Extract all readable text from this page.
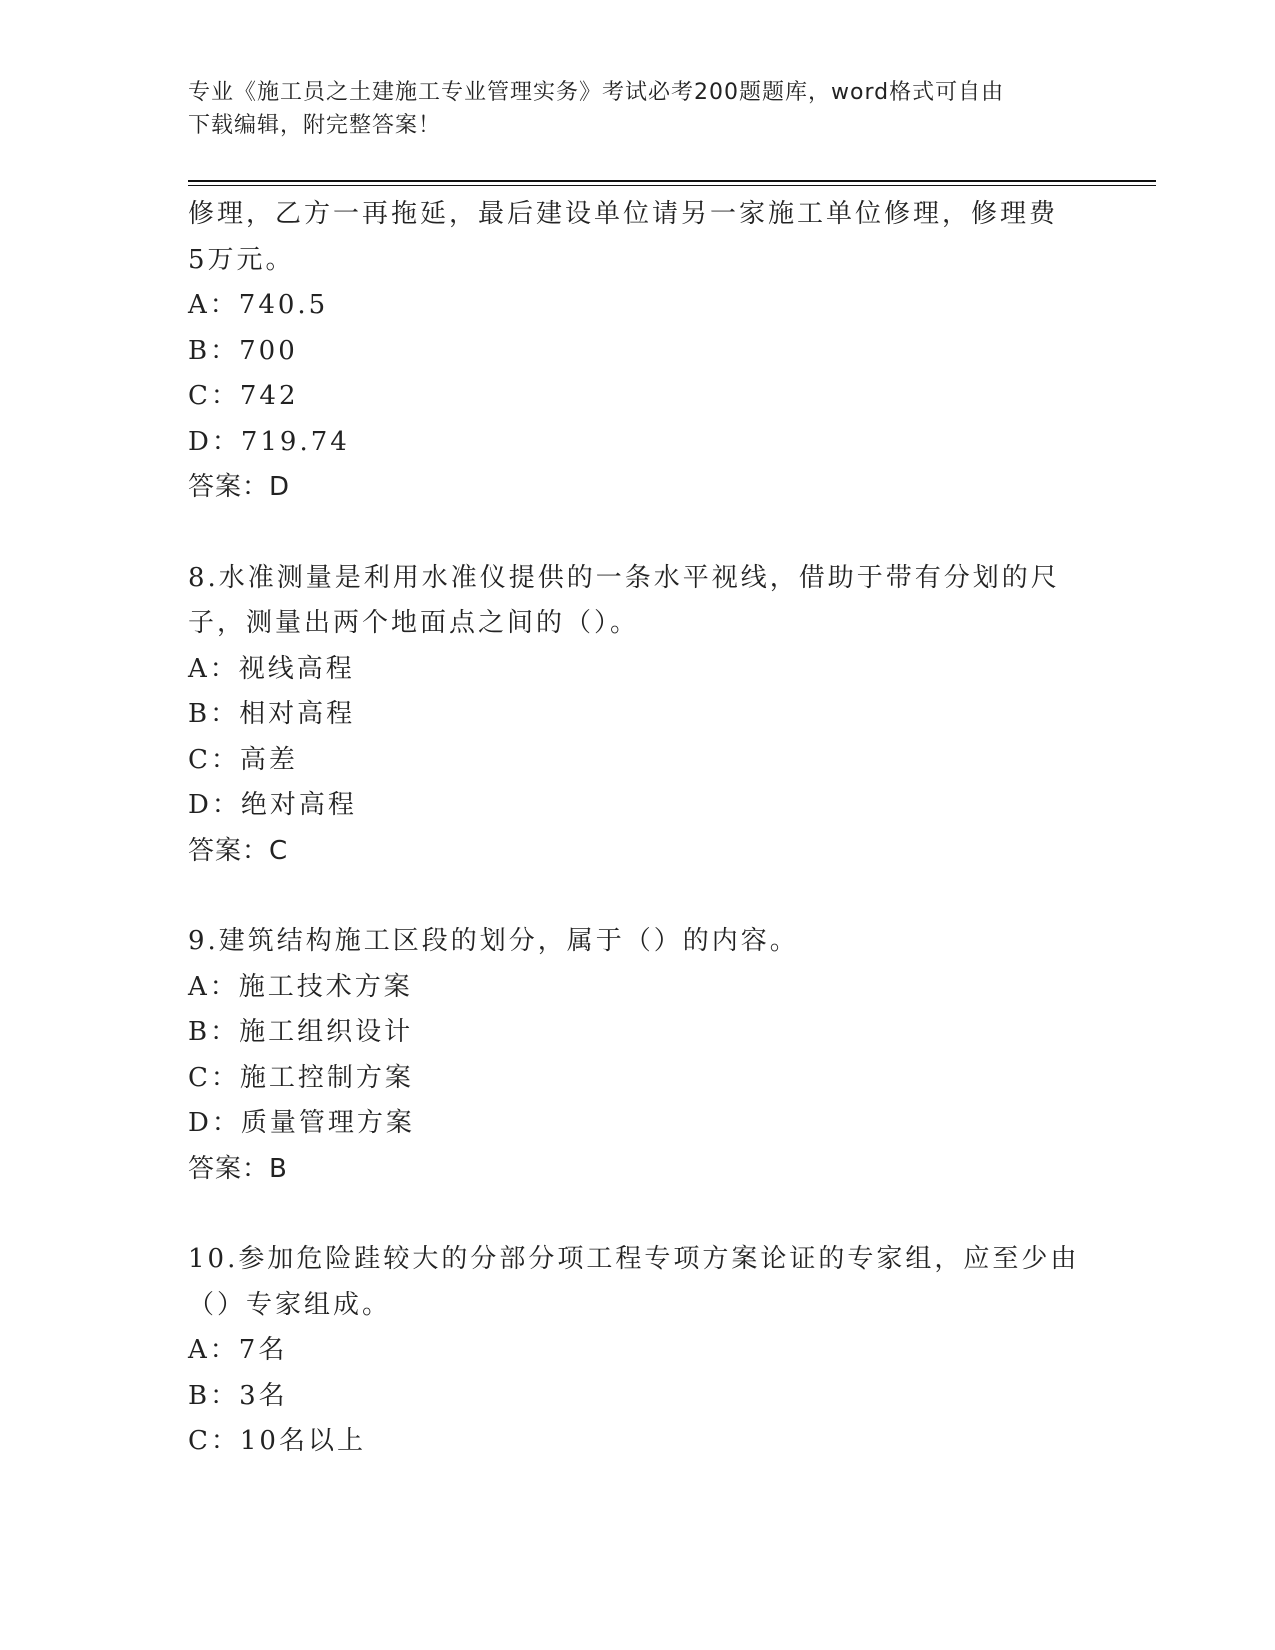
专业《施工员之土建施工专业管理实务》考试必考200题题库，word格式可自由
下载编辑，附完整答案！
修理，乙方一再拖延，最后建设单位请另一家施工单位修理，修理费
5万元。
A：740.5
B：700
C：742
D：719.74
答案：D
8.水准测量是利用水准仪提供的一条水平视线，借助于带有分划的尺
子，测量出两个地面点之间的（）。
A：视线高程
B：相对高程
C：高差
D：绝对高程
答案：C
9.建筑结构施工区段的划分，属于（）的内容。
A：施工技术方案
B：施工组织设计
C：施工控制方案
D：质量管理方案
答案：B
10.参加危险跬较大的分部分项工程专项方案论证的专家组，应至少由
（）专家组成。
A：7名
B：3名
C：10名以上
